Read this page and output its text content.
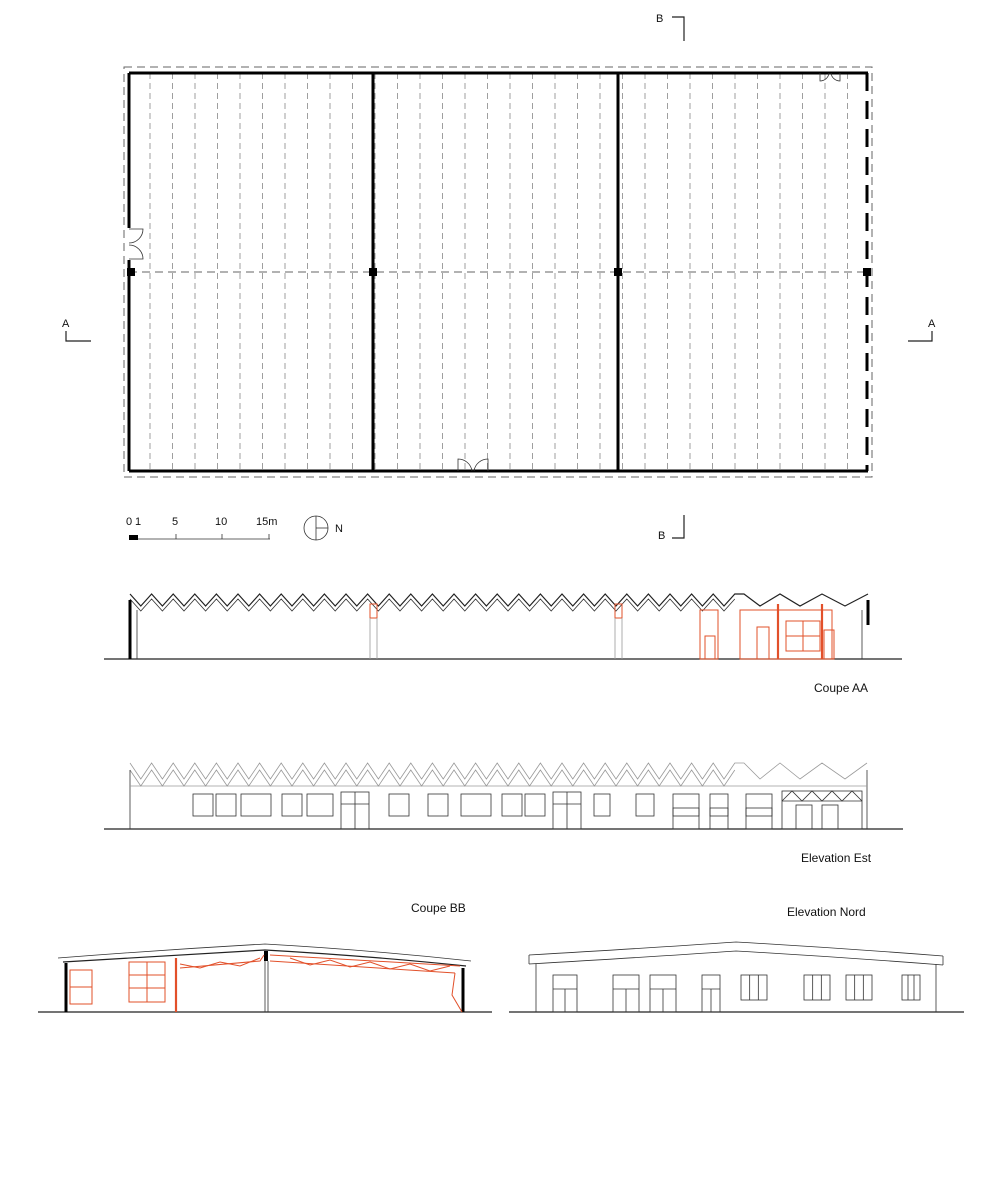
B
B
A	A
0 1	5	10	15m
N
Coupe AA
Elevation Est
Coupe BB	Elevation Nord
